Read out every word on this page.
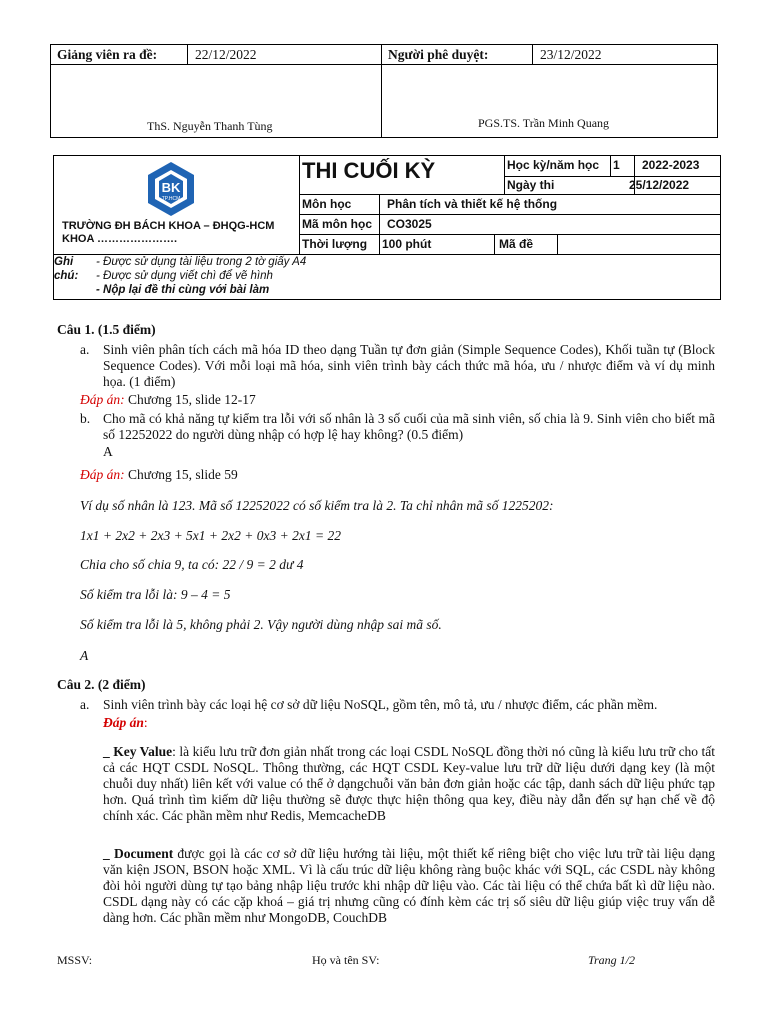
Giảng viên ra đề:	22/12/2022
ThS. Nguyễn Thanh Tùng
Người phê duyệt:	23/12/2022
PGS.TS. Trần Minh Quang
BK
TP.HCM
TRƯỜNG ĐH BÁCH KHOA – ĐHQG-HCM
KHOA ………………….
THI CUỐI KỲ	Học kỳ/năm học 1 2022-2023
Ngày thi	25/12/2022
Môn học	Phân tích và thiết kế hệ thống
Mã môn học CO3025
Thời lượng 100 phút	Mã đề
Ghi
chú:
- Được sử dụng tài liệu trong 2 tờ giấy A4
- Được sử dụng viết chì để vẽ hình
- Nộp lại đề thi cùng với bài làm
Câu 1. (1.5 điểm)
a. Sinh viên phân tích cách mã hóa ID theo dạng Tuần tự đơn giản (Simple Sequence Codes), Khối tuần tự (Block Sequence Codes). Với mỗi loại mã hóa, sinh viên trình bày cách thức mã hóa, ưu / nhược điểm và ví dụ minh họa. (1 điểm)
Đáp án: Chương 15, slide 12-17
b. Cho mã có khả năng tự kiểm tra lỗi với số nhân là 3 số cuối của mã sinh viên, số chia là 9. Sinh viên cho biết mã số 12252022 do người dùng nhập có hợp lệ hay không? (0.5 điểm)
A
Đáp án: Chương 15, slide 59
Ví dụ số nhân là 123. Mã số 12252022 có số kiểm tra là 2. Ta chỉ nhân mã số 1225202:
1x1 + 2x2 + 2x3 + 5x1 + 2x2 + 0x3 + 2x1 = 22
Chia cho số chia 9, ta có: 22 / 9 = 2 dư 4
Số kiểm tra lỗi là: 9 – 4 = 5
Số kiểm tra lỗi là 5, không phải 2. Vậy người dùng nhập sai mã số.
A
Câu 2. (2 điểm)
a. Sinh viên trình bày các loại hệ cơ sở dữ liệu NoSQL, gồm tên, mô tả, ưu / nhược điểm, các phần mềm.
Đáp án:
_ Key Value: là kiểu lưu trữ đơn giản nhất trong các loại CSDL NoSQL đồng thời nó cũng là kiểu lưu trữ cho tất cả các HQT CSDL NoSQL. Thông thường, các HQT CSDL Key-value lưu trữ dữ liệu dưới dạng key (là một chuỗi duy nhất) liên kết với value có thể ở dạngchuỗi văn bản đơn giản hoặc các tập, danh sách dữ liệu phức tạp hơn. Quá trình tìm kiếm dữ liệu thường sẽ được thực hiện thông qua key, điều này dẫn đến sự hạn chế về độ chính xác. Các phần mềm như Redis, MemcacheDB
_ Document được gọi là các cơ sở dữ liệu hướng tài liệu, một thiết kế riêng biệt cho việc lưu trữ tài liệu dạng văn kiện JSON, BSON hoặc XML. Vì là cấu trúc dữ liệu không ràng buộc khác với SQL, các CSDL này không đòi hỏi người dùng tự tạo bảng nhập liệu trước khi nhập dữ liệu vào. Các tài liệu có thể chứa bất kì dữ liệu nào. CSDL dạng này có các cặp khoá – giá trị nhưng cũng có đính kèm các trị số siêu dữ liệu giúp việc truy vấn dễ dàng hơn. Các phần mềm như MongoDB, CouchDB
MSSV:	Họ và tên SV:	Trang 1/2
